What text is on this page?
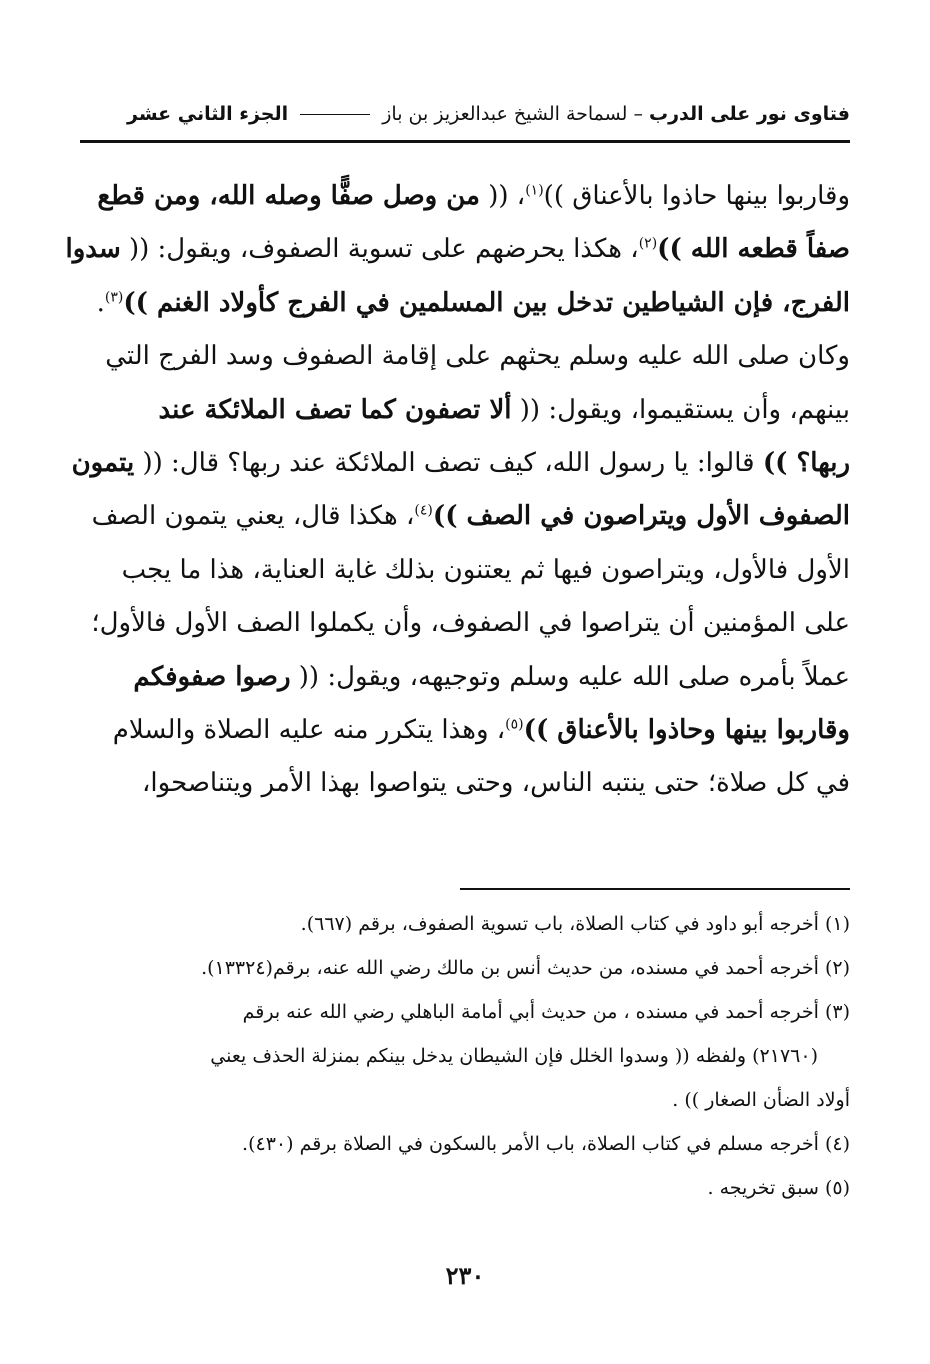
فتاوى نور على الدرب – لسماحة الشيخ عبدالعزيز بن باز  الجزء الثاني عشر
وقاربوا بينها حاذوا بالأعناق ))$^{(١)}$، (( من وصل صفًّا وصله الله، ومن قطع
صفاً قطعه الله ))$^{(٢)}$، هكذا يحرضهم على تسوية الصفوف، ويقول: (( سدوا
الفرج، فإن الشياطين تدخل بين المسلمين في الفرج كأولاد الغنم ))$^{(٣)}$.
وكان صلى الله عليه وسلم يحثهم على إقامة الصفوف وسد الفرج التي
بينهم، وأن يستقيموا، ويقول: (( ألا تصفون كما تصف الملائكة عند
ربها؟ )) قالوا: يا رسول الله، كيف تصف الملائكة عند ربها؟ قال: (( يتمون
الصفوف الأول ويتراصون في الصف ))$^{(٤)}$، هكذا قال، يعني يتمون الصف
الأول فالأول، ويتراصون فيها ثم يعتنون بذلك غاية العناية، هذا ما يجب
على المؤمنين أن يتراصوا في الصفوف، وأن يكملوا الصف الأول فالأول؛
عملاً بأمره صلى الله عليه وسلم وتوجيهه، ويقول: (( رصوا صفوفكم
وقاربوا بينها وحاذوا بالأعناق ))$^{(٥)}$، وهذا يتكرر منه عليه الصلاة والسلام
في كل صلاة؛ حتى ينتبه الناس، وحتى يتواصوا بهذا الأمر ويتناصحوا،
(١) أخرجه أبو داود في كتاب الصلاة، باب تسوية الصفوف، برقم (٦٦٧).
(٢) أخرجه أحمد في مسنده، من حديث أنس بن مالك رضي الله عنه، برقم(١٣٣٢٤).
(٣) أخرجه أحمد في مسنده ، من حديث أبي أمامة الباهلي رضي الله عنه برقم
(٢١٧٦٠) ولفظه (( وسدوا الخلل فإن الشيطان يدخل بينكم بمنزلة الحذف يعني
أولاد الضأن الصغار )) .
(٤) أخرجه مسلم في كتاب الصلاة، باب الأمر بالسكون في الصلاة برقم (٤٣٠).
(٥) سبق تخريجه .
٢٣٠
